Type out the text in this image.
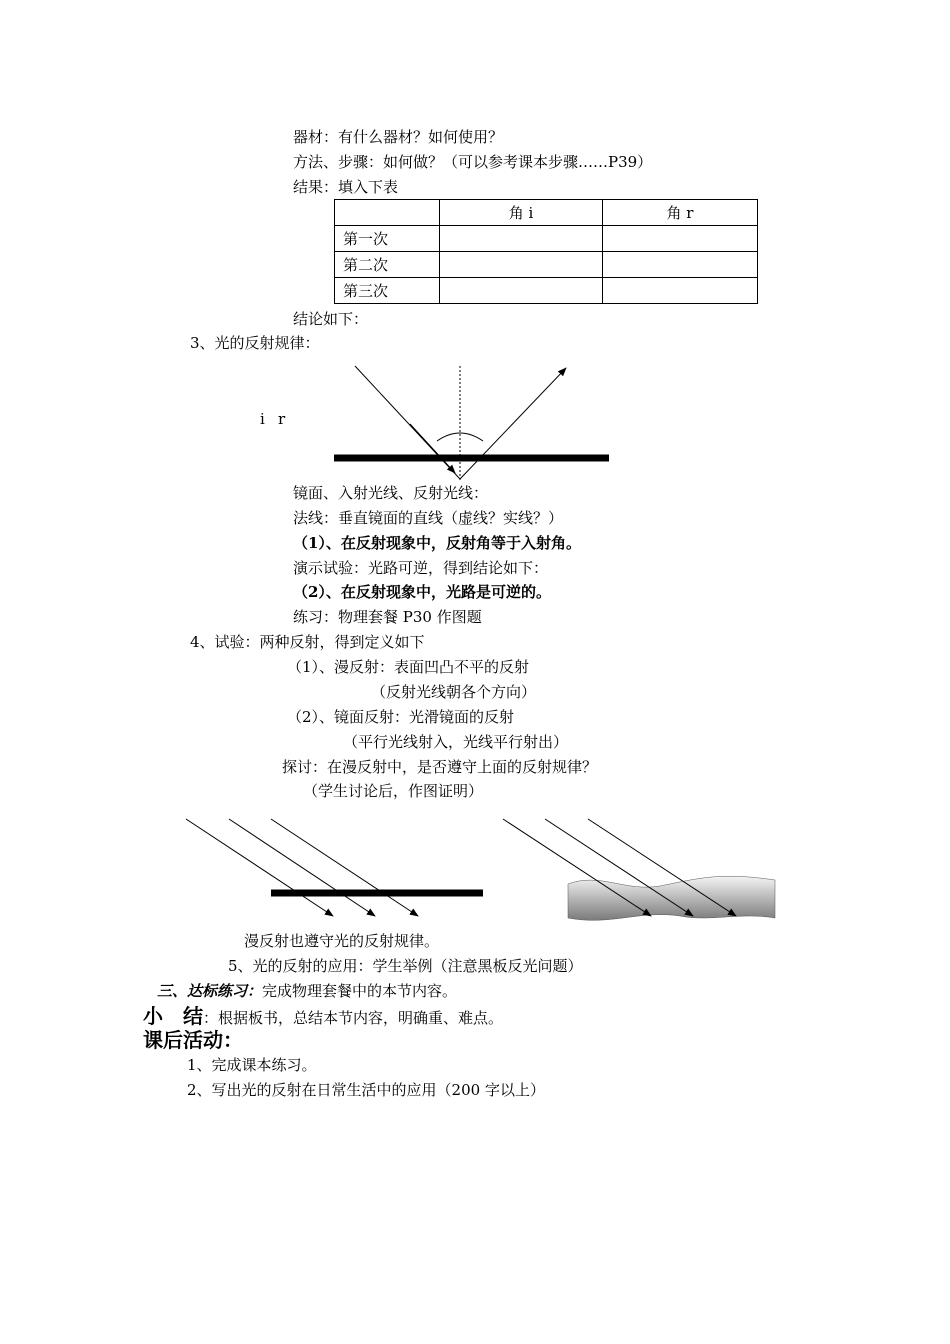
器材：有什么器材？如何使用？
方法、步骤：如何做？（可以参考课本步骤……P39）
结果：填入下表
	角 i	角 r
第一次		
第二次		
第三次		
结论如下：
3、光的反射规律：
i r
镜面、入射光线、反射光线：
法线：垂直镜面的直线（虚线？实线？）
（1）、在反射现象中，反射角等于入射角。
演示试验：光路可逆，得到结论如下：
（2）、在反射现象中，光路是可逆的。
练习：物理套餐 P30 作图题
4、试验：两种反射，得到定义如下
（1）、漫反射：表面凹凸不平的反射
（反射光线朝各个方向）
（2）、镜面反射：光滑镜面的反射
（平行光线射入，光线平行射出）
探讨：在漫反射中，是否遵守上面的反射规律？
（学生讨论后，作图证明）
漫反射也遵守光的反射规律。
5、光的反射的应用：学生举例（注意黑板反光问题）
三、达标练习：完成物理套餐中的本节内容。
小　结：根据板书，总结本节内容，明确重、难点。
课后活动：
1、完成课本练习。
2、写出光的反射在日常生活中的应用（200 字以上）
